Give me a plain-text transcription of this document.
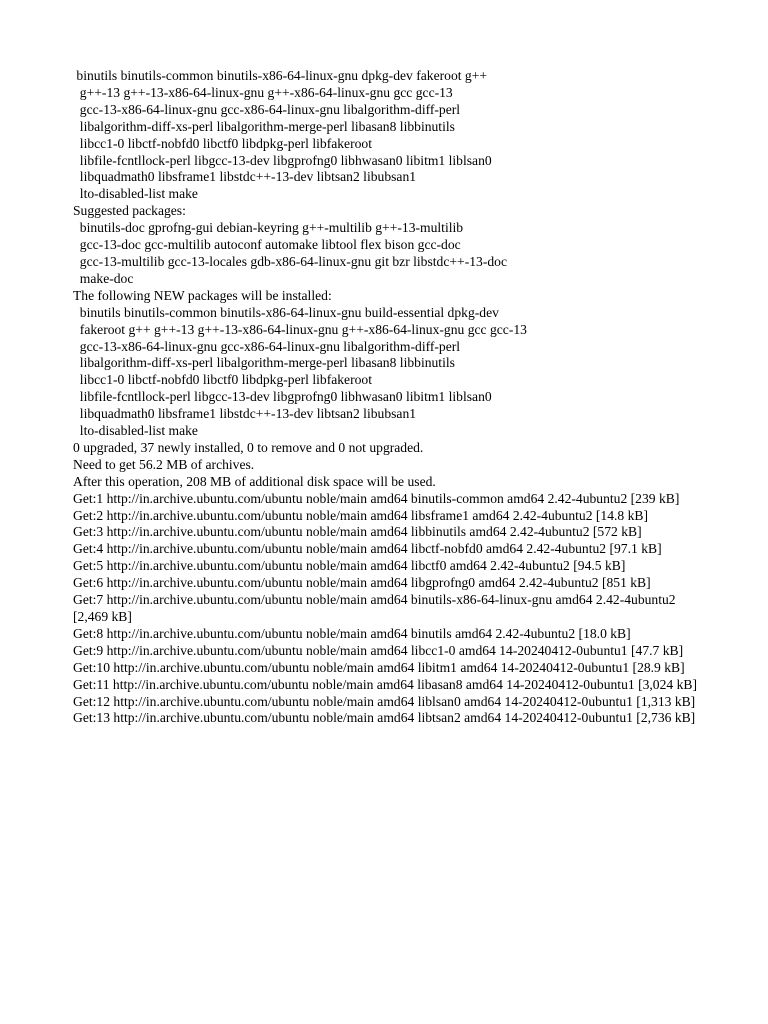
binutils binutils-common binutils-x86-64-linux-gnu dpkg-dev fakeroot g++
g++-13 g++-13-x86-64-linux-gnu g++-x86-64-linux-gnu gcc gcc-13
gcc-13-x86-64-linux-gnu gcc-x86-64-linux-gnu libalgorithm-diff-perl
libalgorithm-diff-xs-perl libalgorithm-merge-perl libasan8 libbinutils
libcc1-0 libctf-nobfd0 libctf0 libdpkg-perl libfakeroot
libfile-fcntllock-perl libgcc-13-dev libgprofng0 libhwasan0 libitm1 liblsan0
libquadmath0 libsframe1 libstdc++-13-dev libtsan2 libubsan1
lto-disabled-list make
Suggested packages:
binutils-doc gprofng-gui debian-keyring g++-multilib g++-13-multilib
gcc-13-doc gcc-multilib autoconf automake libtool flex bison gcc-doc
gcc-13-multilib gcc-13-locales gdb-x86-64-linux-gnu git bzr libstdc++-13-doc
make-doc
The following NEW packages will be installed:
binutils binutils-common binutils-x86-64-linux-gnu build-essential dpkg-dev
fakeroot g++ g++-13 g++-13-x86-64-linux-gnu g++-x86-64-linux-gnu gcc gcc-13
gcc-13-x86-64-linux-gnu gcc-x86-64-linux-gnu libalgorithm-diff-perl
libalgorithm-diff-xs-perl libalgorithm-merge-perl libasan8 libbinutils
libcc1-0 libctf-nobfd0 libctf0 libdpkg-perl libfakeroot
libfile-fcntllock-perl libgcc-13-dev libgprofng0 libhwasan0 libitm1 liblsan0
libquadmath0 libsframe1 libstdc++-13-dev libtsan2 libubsan1
lto-disabled-list make
0 upgraded, 37 newly installed, 0 to remove and 0 not upgraded.
Need to get 56.2 MB of archives.
After this operation, 208 MB of additional disk space will be used.
Get:1 http://in.archive.ubuntu.com/ubuntu noble/main amd64 binutils-common amd64 2.42-4ubuntu2 [239 kB]
Get:2 http://in.archive.ubuntu.com/ubuntu noble/main amd64 libsframe1 amd64 2.42-4ubuntu2 [14.8 kB]
Get:3 http://in.archive.ubuntu.com/ubuntu noble/main amd64 libbinutils amd64 2.42-4ubuntu2 [572 kB]
Get:4 http://in.archive.ubuntu.com/ubuntu noble/main amd64 libctf-nobfd0 amd64 2.42-4ubuntu2 [97.1 kB]
Get:5 http://in.archive.ubuntu.com/ubuntu noble/main amd64 libctf0 amd64 2.42-4ubuntu2 [94.5 kB]
Get:6 http://in.archive.ubuntu.com/ubuntu noble/main amd64 libgprofng0 amd64 2.42-4ubuntu2 [851 kB]
Get:7 http://in.archive.ubuntu.com/ubuntu noble/main amd64 binutils-x86-64-linux-gnu amd64 2.42-4ubuntu2 [2,469 kB]
Get:8 http://in.archive.ubuntu.com/ubuntu noble/main amd64 binutils amd64 2.42-4ubuntu2 [18.0 kB]
Get:9 http://in.archive.ubuntu.com/ubuntu noble/main amd64 libcc1-0 amd64 14-20240412-0ubuntu1 [47.7 kB]
Get:10 http://in.archive.ubuntu.com/ubuntu noble/main amd64 libitm1 amd64 14-20240412-0ubuntu1 [28.9 kB]
Get:11 http://in.archive.ubuntu.com/ubuntu noble/main amd64 libasan8 amd64 14-20240412-0ubuntu1 [3,024 kB]
Get:12 http://in.archive.ubuntu.com/ubuntu noble/main amd64 liblsan0 amd64 14-20240412-0ubuntu1 [1,313 kB]
Get:13 http://in.archive.ubuntu.com/ubuntu noble/main amd64 libtsan2 amd64 14-20240412-0ubuntu1 [2,736 kB]
